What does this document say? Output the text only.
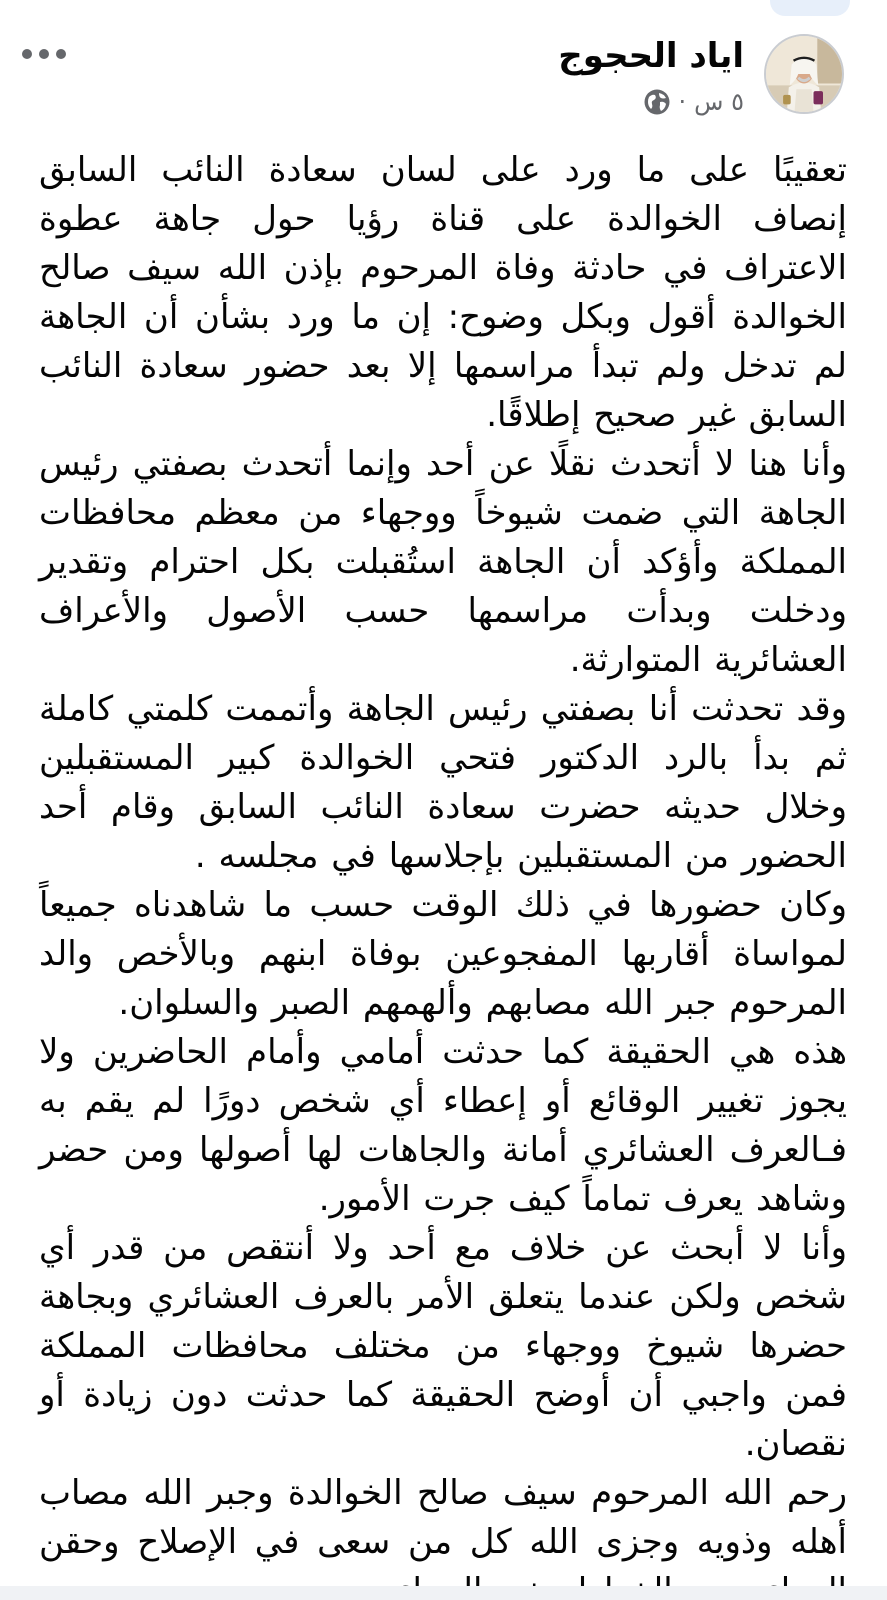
اياد الحجوج
٥ س
·

تعقيبًا على ما ورد على لسان سعادة النائب السابق إنصاف الخوالدة على قناة رؤيا حول جاهة عطوة الاعتراف في حادثة وفاة المرحوم بإذن الله سيف صالح الخوالدة أقول وبكل وضوح: إن ما ورد بشأن أن الجاهة لم تدخل ولم تبدأ مراسمها إلا بعد حضور سعادة النائب السابق غير صحيح إطلاقًا.

وأنا هنا لا أتحدث نقلًا عن أحد وإنما أتحدث بصفتي رئيس الجاهة التي ضمت شيوخاً ووجهاء من معظم محافظات المملكة وأؤكد أن الجاهة استُقبلت بكل احترام وتقدير ودخلت وبدأت مراسمها حسب الأصول والأعراف العشائرية المتوارثة.

وقد تحدثت أنا بصفتي رئيس الجاهة وأتممت كلمتي كاملة ثم بدأ بالرد الدكتور فتحي الخوالدة كبير المستقبلين وخلال حديثه حضرت سعادة النائب السابق وقام أحد الحضور من المستقبلين بإجلاسها في مجلسه .

وكان حضورها في ذلك الوقت حسب ما شاهدناه جميعاً لمواساة أقاربها المفجوعين بوفاة ابنهم وبالأخص والد المرحوم جبر الله مصابهم وألهمهم الصبر والسلوان.

هذه هي الحقيقة كما حدثت أمامي وأمام الحاضرين ولا يجوز تغيير الوقائع أو إعطاء أي شخص دورًا لم يقم به فـالعرف العشائري أمانة والجاهات لها أصولها ومن حضر وشاهد يعرف تماماً كيف جرت الأمور.

وأنا لا أبحث عن خلاف مع أحد ولا أنتقص من قدر أي شخص ولكن عندما يتعلق الأمر بالعرف العشائري وبجاهة حضرها شيوخ ووجهاء من مختلف محافظات المملكة فمن واجبي أن أوضح الحقيقة كما حدثت دون زيادة أو نقصان.

رحم الله المرحوم سيف صالح الخوالدة وجبر الله مصاب أهله وذويه وجزى الله كل من سعى في الإصلاح وحقن
